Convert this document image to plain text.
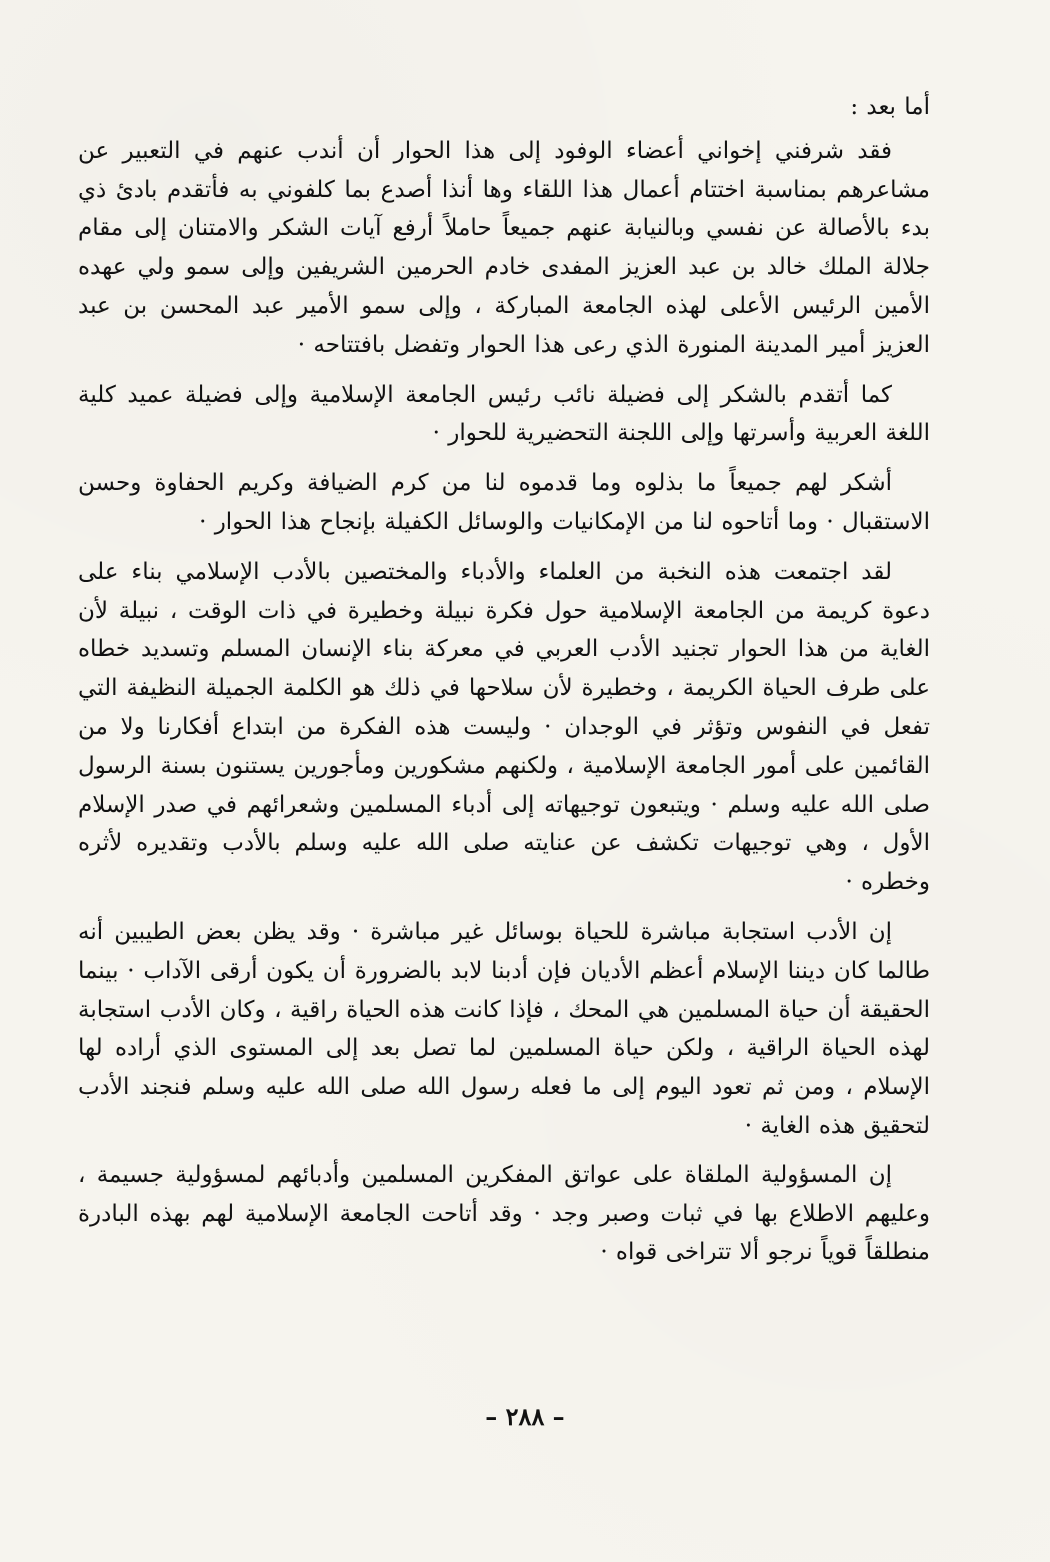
أما بعد :

فقد شرفني إخواني أعضاء الوفود إلى هذا الحوار أن أندب عنهم في التعبير عن مشاعرهم بمناسبة اختتام أعمال هذا اللقاء وها أنذا أصدع بما كلفوني به فأتقدم بادئ ذي بدء بالأصالة عن نفسي وبالنيابة عنهم جميعاً حاملاً أرفع آيات الشكر والامتنان إلى مقام جلالة الملك خالد بن عبد العزيز المفدى خادم الحرمين الشريفين وإلى سمو ولي عهده الأمين الرئيس الأعلى لهذه الجامعة المباركة ، وإلى سمو الأمير عبد المحسن بن عبد العزيز أمير المدينة المنورة الذي رعى هذا الحوار وتفضل بافتتاحه ·

كما أتقدم بالشكر إلى فضيلة نائب رئيس الجامعة الإسلامية وإلى فضيلة عميد كلية اللغة العربية وأسرتها وإلى اللجنة التحضيرية للحوار ·

أشكر لهم جميعاً ما بذلوه وما قدموه لنا من كرم الضيافة وكريم الحفاوة وحسن الاستقبال · وما أتاحوه لنا من الإمكانيات والوسائل الكفيلة بإنجاح هذا الحوار ·

لقد اجتمعت هذه النخبة من العلماء والأدباء والمختصين بالأدب الإسلامي بناء على دعوة كريمة من الجامعة الإسلامية حول فكرة نبيلة وخطيرة في ذات الوقت ، نبيلة لأن الغاية من هذا الحوار تجنيد الأدب العربي في معركة بناء الإنسان المسلم وتسديد خطاه على طرف الحياة الكريمة ، وخطيرة لأن سلاحها في ذلك هو الكلمة الجميلة النظيفة التي تفعل في النفوس وتؤثر في الوجدان · وليست هذه الفكرة من ابتداع أفكارنا ولا من القائمين على أمور الجامعة الإسلامية ، ولكنهم مشكورين ومأجورين يستنون بسنة الرسول صلى الله عليه وسلم · ويتبعون توجيهاته إلى أدباء المسلمين وشعرائهم في صدر الإسلام الأول ، وهي توجيهات تكشف عن عنايته صلى الله عليه وسلم بالأدب وتقديره لأثره وخطره ·

إن الأدب استجابة مباشرة للحياة بوسائل غير مباشرة · وقد يظن بعض الطيبين أنه طالما كان ديننا الإسلام أعظم الأديان فإن أدبنا لابد بالضرورة أن يكون أرقى الآداب · بينما الحقيقة أن حياة المسلمين هي المحك ، فإذا كانت هذه الحياة راقية ، وكان الأدب استجابة لهذه الحياة الراقية ، ولكن حياة المسلمين لما تصل بعد إلى المستوى الذي أراده لها الإسلام ، ومن ثم تعود اليوم إلى ما فعله رسول الله صلى الله عليه وسلم فنجند الأدب لتحقيق هذه الغاية ·

إن المسؤولية الملقاة على عواتق المفكرين المسلمين وأدبائهم لمسؤولية جسيمة ، وعليهم الاطلاع بها في ثبات وصبر وجد · وقد أتاحت الجامعة الإسلامية لهم بهذه البادرة منطلقاً قوياً نرجو ألا تتراخى قواه ·

– ٢٨٨ –
